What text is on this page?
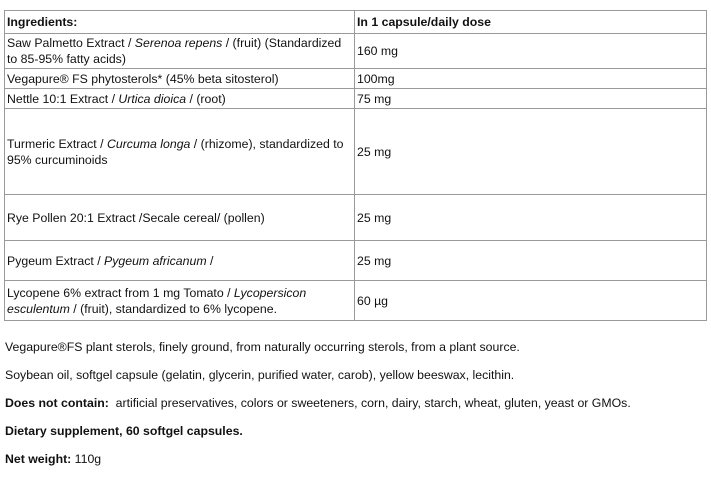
Ingredients:	In 1 capsule/daily dose
Saw Palmetto Extract / Serenoa repens / (fruit) (Standardized to 85-95% fatty acids)	160 mg
Vegapure® FS phytosterols* (45% beta sitosterol)	100mg
Nettle 10:1 Extract / Urtica dioica / (root)	75 mg
Turmeric Extract / Curcuma longa / (rhizome), standardized to 95% curcuminoids	25 mg
Rye Pollen 20:1 Extract /Secale cereal/ (pollen)	25 mg
Pygeum Extract / Pygeum africanum /	25 mg
Lycopene 6% extract from 1 mg Tomato / Lycopersicon esculentum / (fruit), standardized to 6% lycopene.	60 µg

Vegapure®FS plant sterols, finely ground, from naturally occurring sterols, from a plant source.

Soybean oil, softgel capsule (gelatin, glycerin, purified water, carob), yellow beeswax, lecithin.

Does not contain:  artificial preservatives, colors or sweeteners, corn, dairy, starch, wheat, gluten, yeast or GMOs.

Dietary supplement, 60 softgel capsules.

Net weight: 110g
